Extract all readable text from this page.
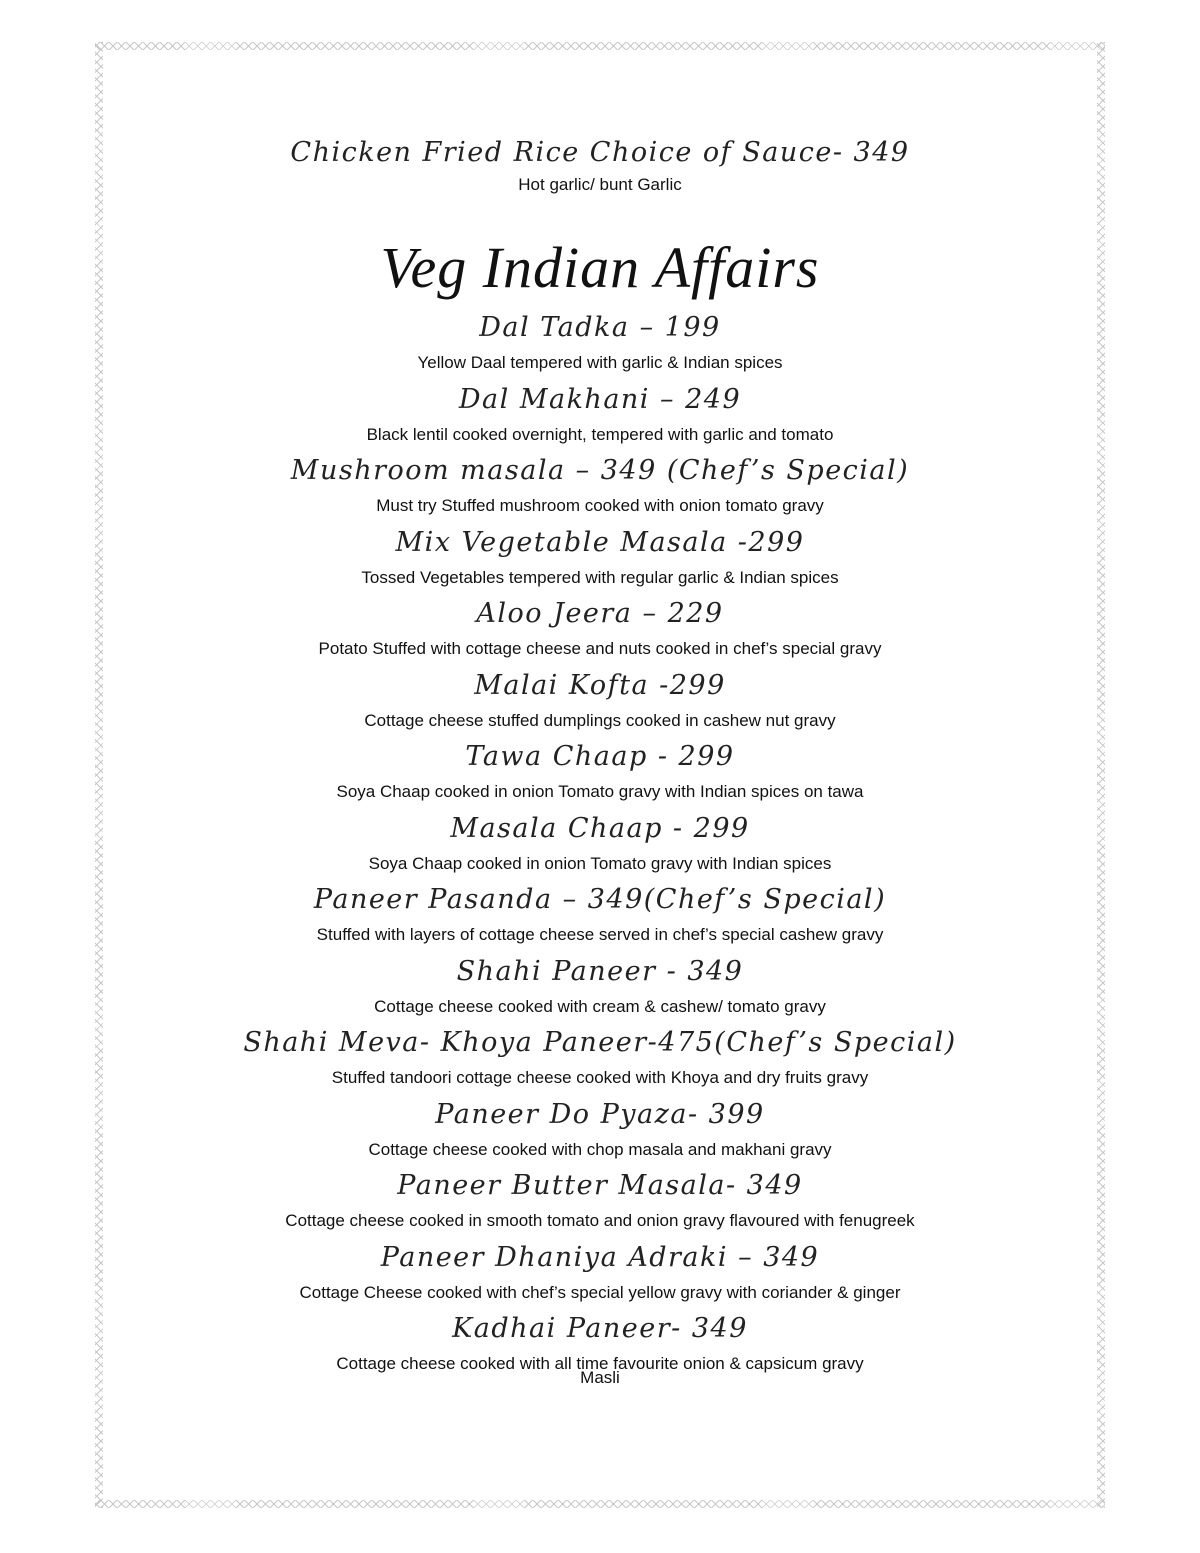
Chicken Fried Rice Choice of Sauce- 349
Hot garlic/ bunt Garlic
Veg Indian Affairs
Dal Tadka – 199
Yellow Daal tempered with garlic & Indian spices
Dal Makhani – 249
Black lentil cooked overnight, tempered with garlic and tomato
Mushroom masala – 349 (Chef’s Special)
Must try Stuffed mushroom cooked with onion tomato gravy
Mix Vegetable Masala -299
Tossed Vegetables tempered with regular garlic & Indian spices
Aloo Jeera – 229
Potato Stuffed with cottage cheese and nuts cooked in chef’s special gravy
Malai Kofta -299
Cottage cheese stuffed dumplings cooked in cashew nut gravy
Tawa Chaap - 299
Soya Chaap cooked in onion Tomato gravy with Indian spices on tawa
Masala Chaap - 299
Soya Chaap cooked in onion Tomato gravy with Indian spices
Paneer Pasanda – 349(Chef’s Special)
Stuffed with layers of cottage cheese served in chef’s special cashew gravy
Shahi Paneer - 349
Cottage cheese cooked with cream & cashew/ tomato gravy
Shahi Meva- Khoya Paneer-475(Chef’s Special)
Stuffed tandoori cottage cheese cooked with Khoya and dry fruits gravy
Paneer Do Pyaza- 399
Cottage cheese cooked with chop masala and makhani gravy
Paneer Butter Masala- 349
Cottage cheese cooked in smooth tomato and onion gravy flavoured with fenugreek
Paneer Dhaniya Adraki – 349
Cottage Cheese cooked with chef’s special yellow gravy with coriander & ginger
Kadhai Paneer- 349
Cottage cheese cooked with all time favourite onion & capsicum gravy
Masli
